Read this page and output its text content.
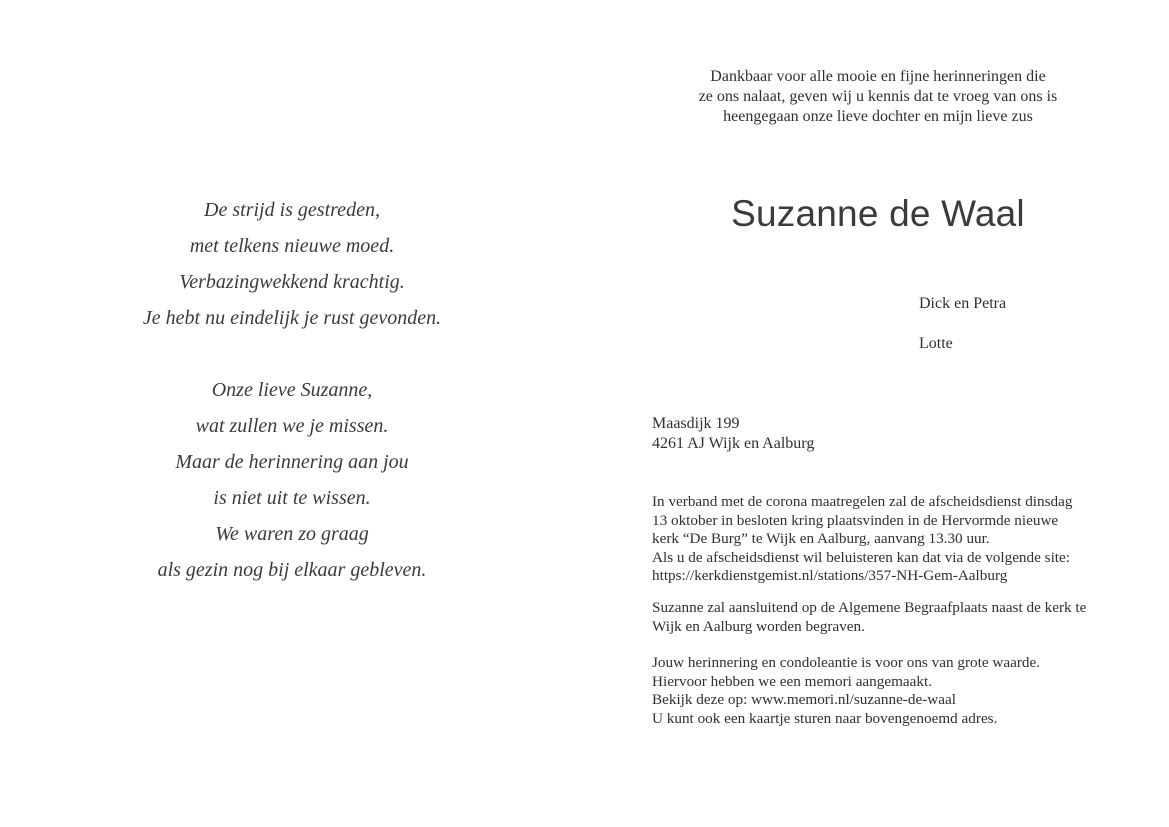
De strijd is gestreden,
met telkens nieuwe moed.
Verbazingwekkend krachtig.
Je hebt nu eindelijk je rust gevonden.
Onze lieve Suzanne,
wat zullen we je missen.
Maar de herinnering aan jou
is niet uit te wissen.
We waren zo graag
als gezin nog bij elkaar gebleven.
Dankbaar voor alle mooie en fijne herinneringen die
ze ons nalaat, geven wij u kennis dat te vroeg van ons is
heengegaan onze lieve dochter en mijn lieve zus
Suzanne de Waal
Dick en Petra
Lotte
Maasdijk 199
4261 AJ Wijk en Aalburg
In verband met de corona maatregelen zal de afscheidsdienst dinsdag
13 oktober in besloten kring plaatsvinden in de Hervormde nieuwe
kerk “De Burg” te Wijk en Aalburg, aanvang 13.30 uur.
Als u de afscheidsdienst wil beluisteren kan dat via de volgende site:
https://kerkdienstgemist.nl/stations/357-NH-Gem-Aalburg
Suzanne zal aansluitend op de Algemene Begraafplaats naast de kerk te
Wijk en Aalburg worden begraven.
Jouw herinnering en condoleantie is voor ons van grote waarde.
Hiervoor hebben we een memori aangemaakt.
Bekijk deze op: www.memori.nl/suzanne-de-waal
U kunt ook een kaartje sturen naar bovengenoemd adres.
